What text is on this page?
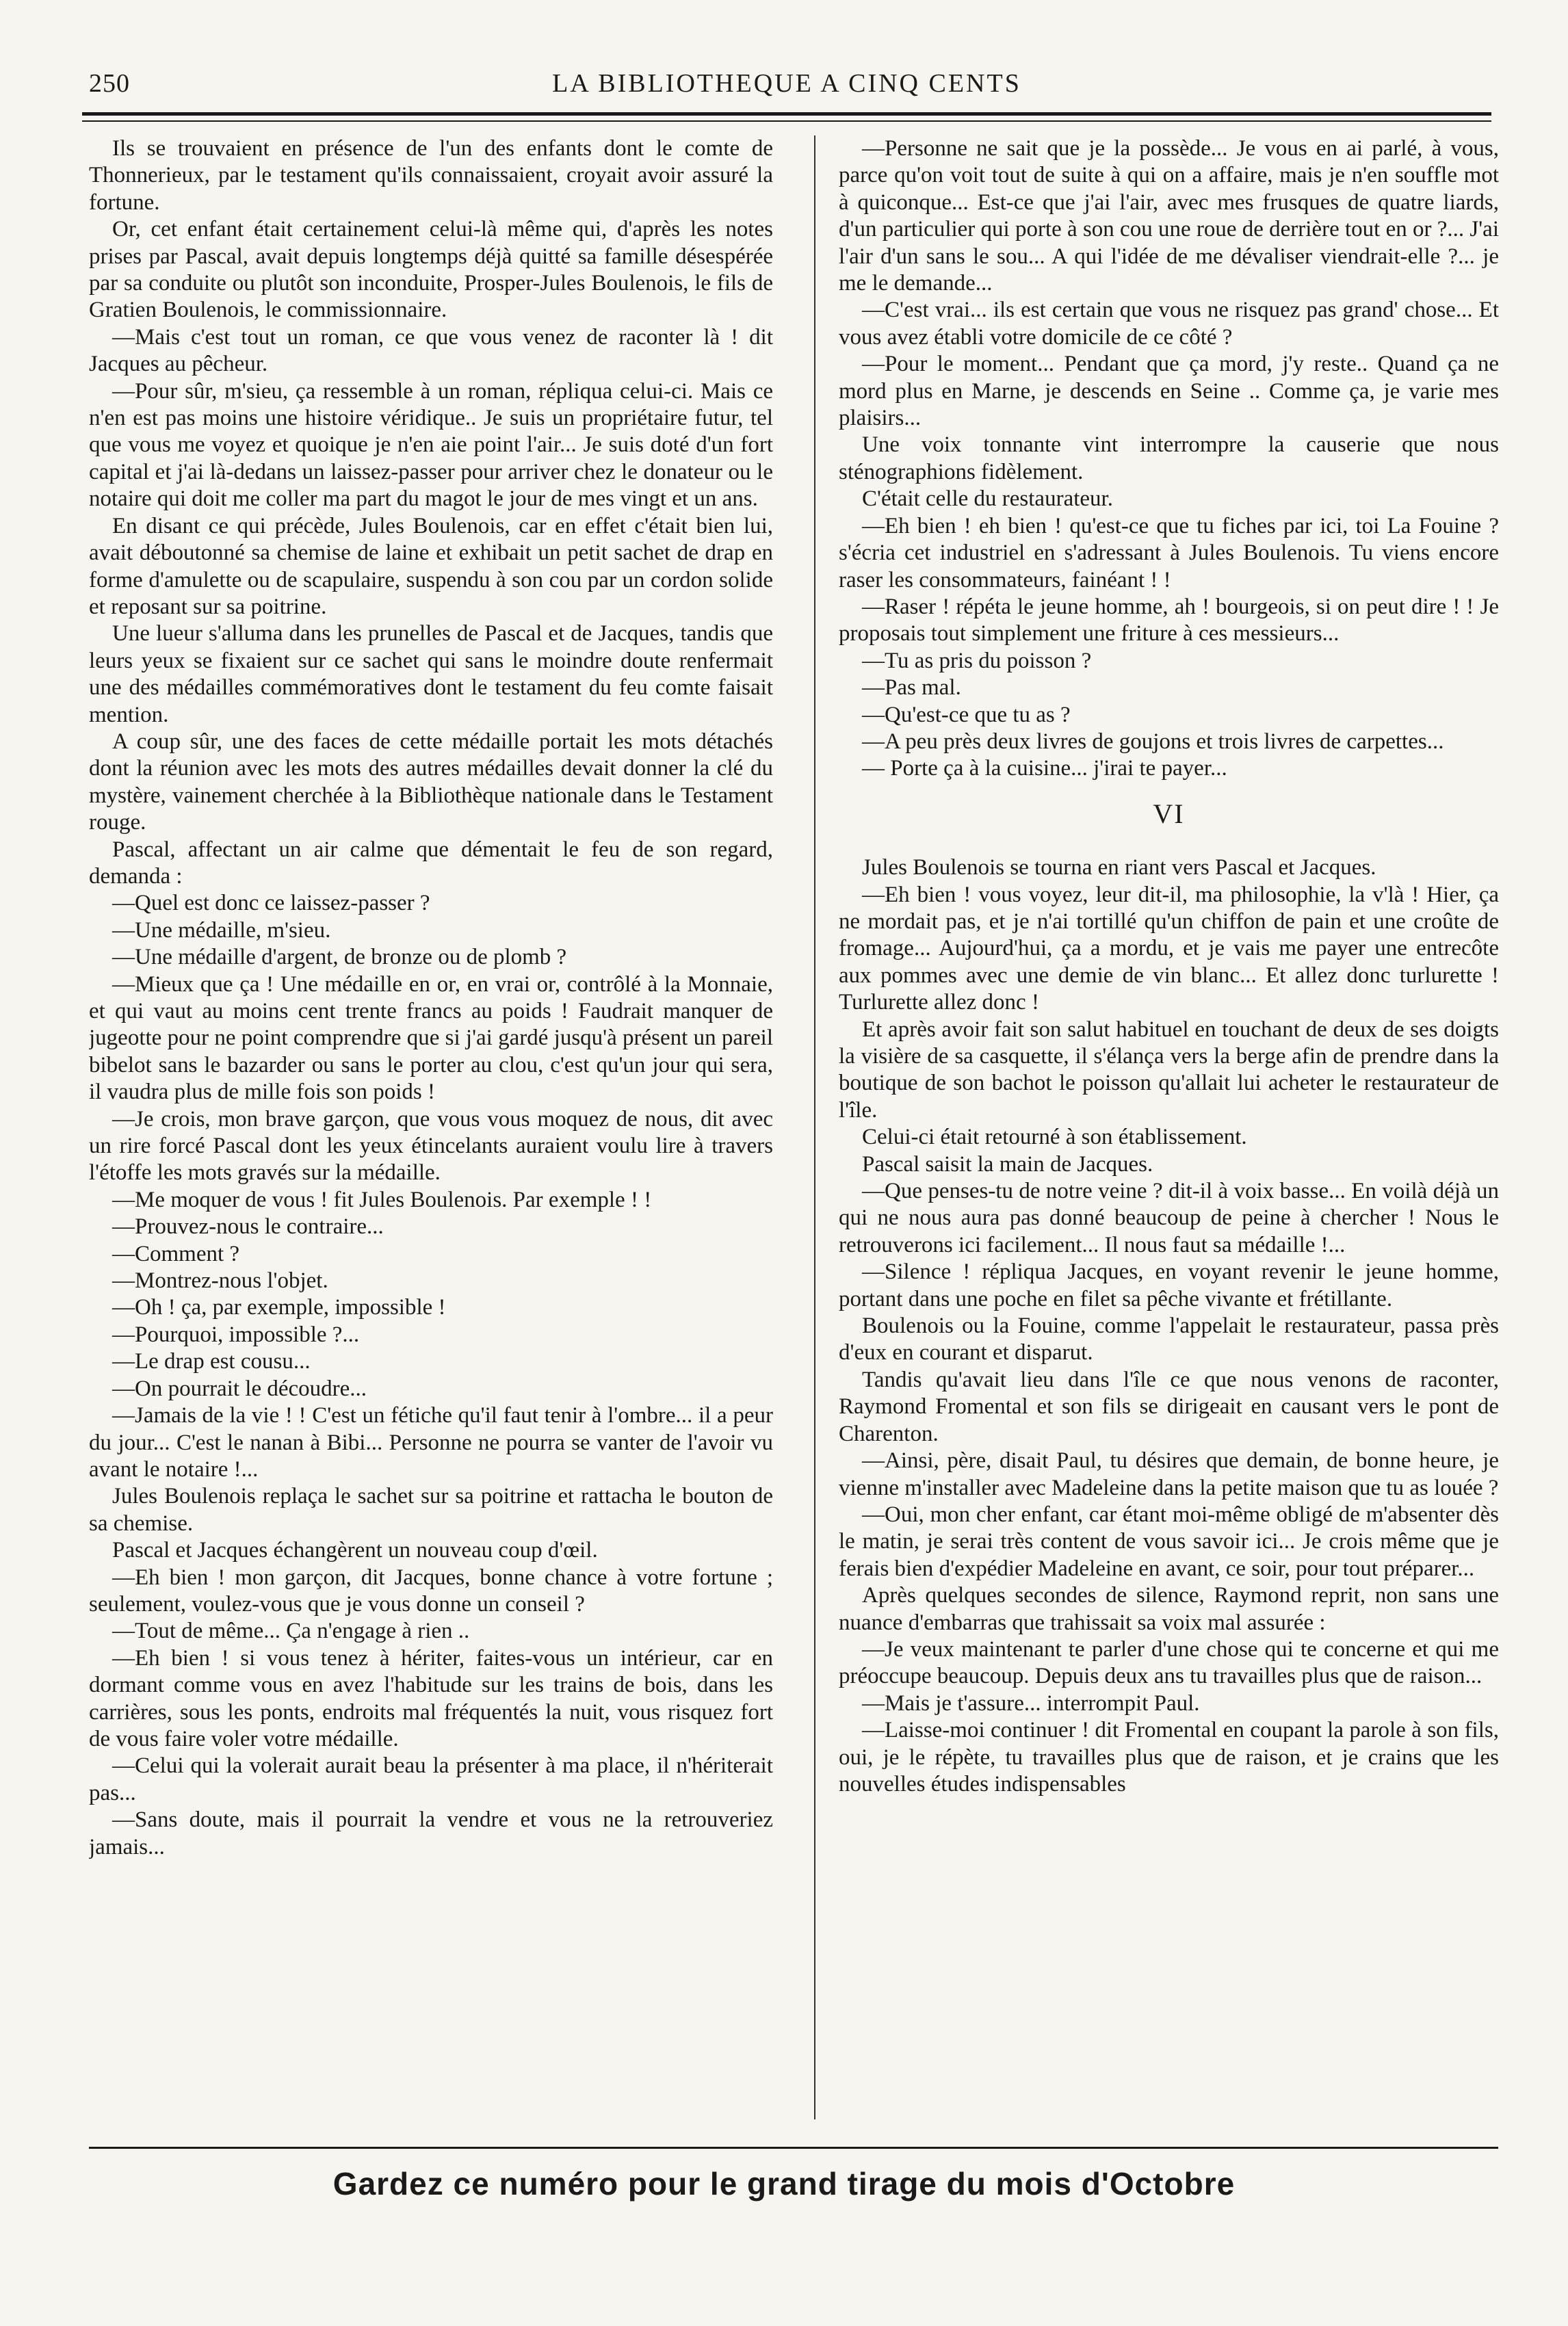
250	LA BIBLIOTHEQUE A CINQ CENTS

Ils se trouvaient en présence de l'un des enfants dont le comte de Thonnerieux, par le testament qu'ils connaissaient, croyait avoir assuré la fortune.

Or, cet enfant était certainement celui-là même qui, d'après les notes prises par Pascal, avait depuis longtemps déjà quitté sa famille désespérée par sa conduite ou plutôt son inconduite, Prosper-Jules Boulenois, le fils de Gratien Boulenois, le commissionnaire.

—Mais c'est tout un roman, ce que vous venez de raconter là ! dit Jacques au pêcheur.

—Pour sûr, m'sieu, ça ressemble à un roman, répliqua celui-ci. Mais ce n'en est pas moins une histoire véridique.. Je suis un propriétaire futur, tel que vous me voyez et quoique je n'en aie point l'air... Je suis doté d'un fort capital et j'ai là-dedans un laissez-passer pour arriver chez le donateur ou le notaire qui doit me coller ma part du magot le jour de mes vingt et un ans.

En disant ce qui précède, Jules Boulenois, car en effet c'était bien lui, avait déboutonné sa chemise de laine et exhibait un petit sachet de drap en forme d'amulette ou de scapulaire, suspendu à son cou par un cordon solide et reposant sur sa poitrine.

Une lueur s'alluma dans les prunelles de Pascal et de Jacques, tandis que leurs yeux se fixaient sur ce sachet qui sans le moindre doute renfermait une des médailles commémoratives dont le testament du feu comte faisait mention.

A coup sûr, une des faces de cette médaille portait les mots détachés dont la réunion avec les mots des autres médailles devait donner la clé du mystère, vainement cherchée à la Bibliothèque nationale dans le Testament rouge.

Pascal, affectant un air calme que démentait le feu de son regard, demanda :

—Quel est donc ce laissez-passer ?

—Une médaille, m'sieu.

—Une médaille d'argent, de bronze ou de plomb ?

—Mieux que ça ! Une médaille en or, en vrai or, contrôlé à la Monnaie, et qui vaut au moins cent trente francs au poids ! Faudrait manquer de jugeotte pour ne point comprendre que si j'ai gardé jusqu'à présent un pareil bibelot sans le bazarder ou sans le porter au clou, c'est qu'un jour qui sera, il vaudra plus de mille fois son poids !

—Je crois, mon brave garçon, que vous vous moquez de nous, dit avec un rire forcé Pascal dont les yeux étincelants auraient voulu lire à travers l'étoffe les mots gravés sur la médaille.

—Me moquer de vous ! fit Jules Boulenois. Par exemple ! !

—Prouvez-nous le contraire...

—Comment ?

—Montrez-nous l'objet.

—Oh ! ça, par exemple, impossible !

—Pourquoi, impossible ?...

—Le drap est cousu...

—On pourrait le découdre...

—Jamais de la vie ! ! C'est un fétiche qu'il faut tenir à l'ombre... il a peur du jour... C'est le nanan à Bibi... Personne ne pourra se vanter de l'avoir vu avant le notaire !...

Jules Boulenois replaça le sachet sur sa poitrine et rattacha le bouton de sa chemise.

Pascal et Jacques échangèrent un nouveau coup d'œil.

—Eh bien ! mon garçon, dit Jacques, bonne chance à votre fortune ; seulement, voulez-vous que je vous donne un conseil ?

—Tout de même... Ça n'engage à rien ..

—Eh bien ! si vous tenez à hériter, faites-vous un intérieur, car en dormant comme vous en avez l'habitude sur les trains de bois, dans les carrières, sous les ponts, endroits mal fréquentés la nuit, vous risquez fort de vous faire voler votre médaille.

—Celui qui la volerait aurait beau la présenter à ma place, il n'hériterait pas...

—Sans doute, mais il pourrait la vendre et vous ne la retrouveriez jamais...

—Personne ne sait que je la possède... Je vous en ai parlé, à vous, parce qu'on voit tout de suite à qui on a affaire, mais je n'en souffle mot à quiconque... Est-ce que j'ai l'air, avec mes frusques de quatre liards, d'un particulier qui porte à son cou une roue de derrière tout en or ?... J'ai l'air d'un sans le sou... A qui l'idée de me dévaliser viendrait-elle ?... je me le demande...

—C'est vrai... ils est certain que vous ne risquez pas grand' chose... Et vous avez établi votre domicile de ce côté ?

—Pour le moment... Pendant que ça mord, j'y reste.. Quand ça ne mord plus en Marne, je descends en Seine .. Comme ça, je varie mes plaisirs...

Une voix tonnante vint interrompre la causerie que nous sténographions fidèlement.

C'était celle du restaurateur.

—Eh bien ! eh bien ! qu'est-ce que tu fiches par ici, toi La Fouine ? s'écria cet industriel en s'adressant à Jules Boulenois. Tu viens encore raser les consommateurs, fainéant ! !

—Raser ! répéta le jeune homme, ah ! bourgeois, si on peut dire ! ! Je proposais tout simplement une friture à ces messieurs...

—Tu as pris du poisson ?

—Pas mal.

—Qu'est-ce que tu as ?

—A peu près deux livres de goujons et trois livres de carpettes...

— Porte ça à la cuisine... j'irai te payer...

VI

Jules Boulenois se tourna en riant vers Pascal et Jacques.

—Eh bien ! vous voyez, leur dit-il, ma philosophie, la v'là ! Hier, ça ne mordait pas, et je n'ai tortillé qu'un chiffon de pain et une croûte de fromage... Aujourd'hui, ça a mordu, et je vais me payer une entrecôte aux pommes avec une demie de vin blanc... Et allez donc turlurette ! Turlurette allez donc !

Et après avoir fait son salut habituel en touchant de deux de ses doigts la visière de sa casquette, il s'élança vers la berge afin de prendre dans la boutique de son bachot le poisson qu'allait lui acheter le restaurateur de l'île.

Celui-ci était retourné à son établissement.

Pascal saisit la main de Jacques.

—Que penses-tu de notre veine ? dit-il à voix basse... En voilà déjà un qui ne nous aura pas donné beaucoup de peine à chercher ! Nous le retrouverons ici facilement... Il nous faut sa médaille !...

—Silence ! répliqua Jacques, en voyant revenir le jeune homme, portant dans une poche en filet sa pêche vivante et frétillante.

Boulenois ou la Fouine, comme l'appelait le restaurateur, passa près d'eux en courant et disparut.

Tandis qu'avait lieu dans l'île ce que nous venons de raconter, Raymond Fromental et son fils se dirigeait en causant vers le pont de Charenton.

—Ainsi, père, disait Paul, tu désires que demain, de bonne heure, je vienne m'installer avec Madeleine dans la petite maison que tu as louée ?

—Oui, mon cher enfant, car étant moi-même obligé de m'absenter dès le matin, je serai très content de vous savoir ici... Je crois même que je ferais bien d'expédier Madeleine en avant, ce soir, pour tout préparer...

Après quelques secondes de silence, Raymond reprit, non sans une nuance d'embarras que trahissait sa voix mal assurée :

—Je veux maintenant te parler d'une chose qui te concerne et qui me préoccupe beaucoup. Depuis deux ans tu travailles plus que de raison...

—Mais je t'assure... interrompit Paul.

—Laisse-moi continuer ! dit Fromental en coupant la parole à son fils, oui, je le répète, tu travailles plus que de raison, et je crains que les nouvelles études indispensables

Gardez ce numéro pour le grand tirage du mois d'Octobre
